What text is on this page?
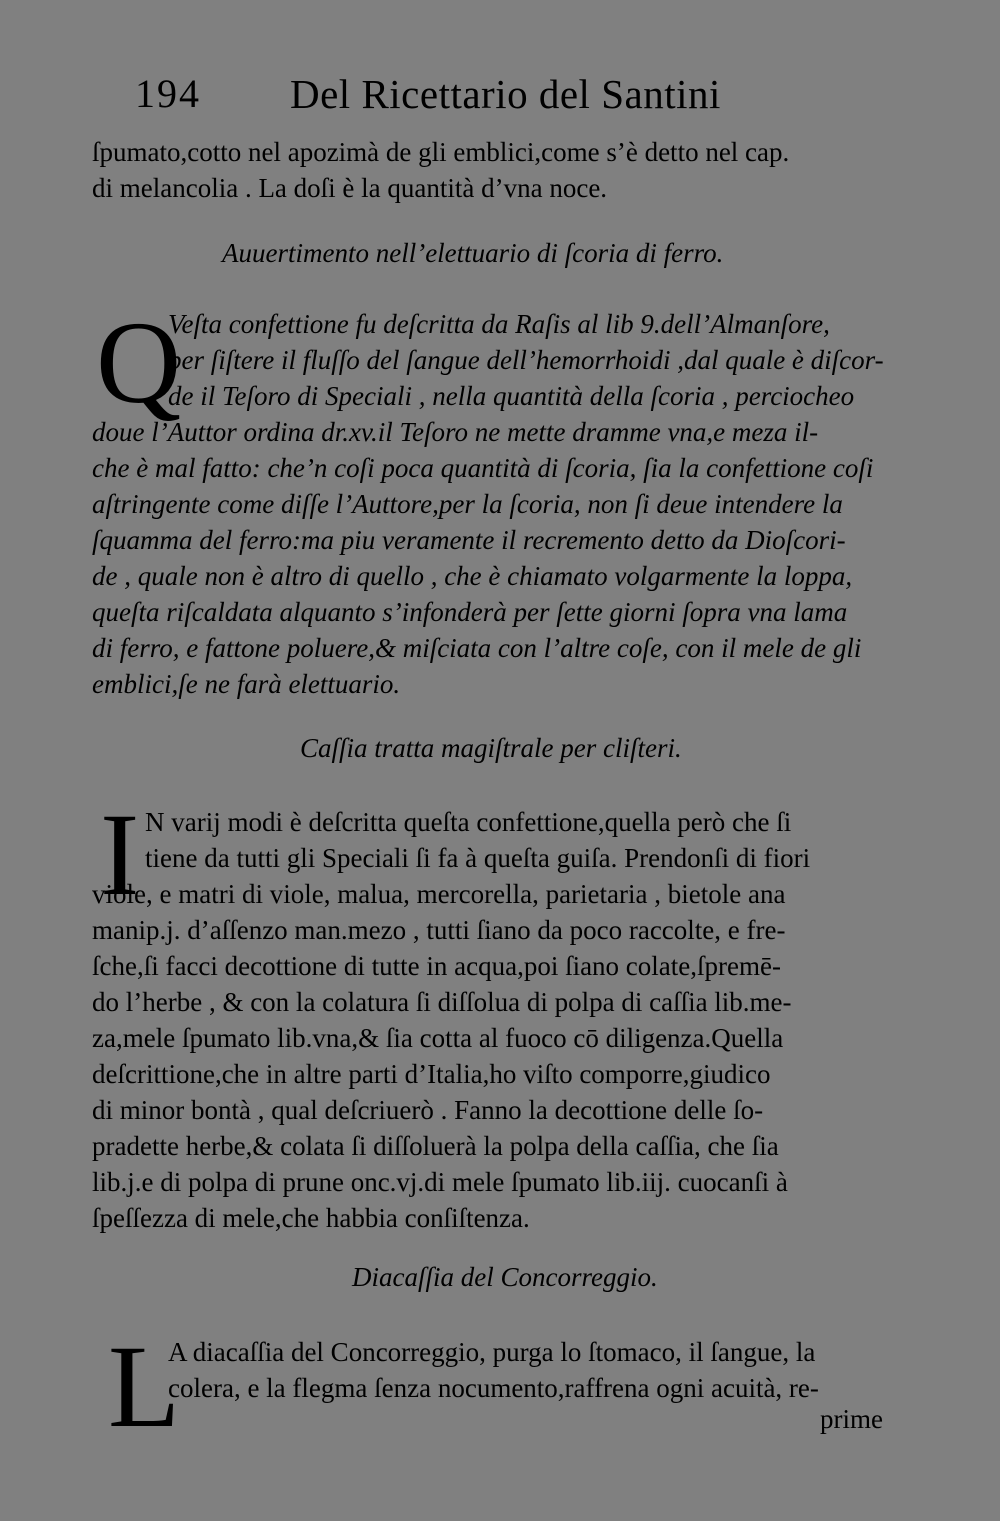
194 Del Ricettario del Santini
ſpumato,cotto nel apozimà de gli emblici,come s’è detto nel cap.
di melancolia . La doſi è la quantità d’vna noce.
Auuertimento nell’elettuario di ſcoria di ferro.
Q
Veſta confettione fu deſcritta da Raſis al lib 9.dell’Almanſore,
per ſiſtere il fluſſo del ſangue dell’hemorrhoidi ,dal quale è diſcor-
de il Teſoro di Speciali , nella quantità della ſcoria , perciocheo
doue l’Auttor ordina dr.xv.il Teſoro ne mette dramme vna,e meza il-
che è mal fatto: che’n coſi poca quantità di ſcoria, ſia la confettione coſi
aſtringente come diſſe l’Auttore,per la ſcoria, non ſi deue intendere la
ſquamma del ferro:ma piu veramente il recremento detto da Dioſcori-
de , quale non è altro di quello , che è chiamato volgarmente la loppa,
queſta riſcaldata alquanto s’infonderà per ſette giorni ſopra vna lama
di ferro, e fattone poluere,& miſciata con l’altre coſe, con il mele de gli
emblici,ſe ne farà elettuario.
Caſſia tratta magiſtrale per cliſteri.
I N varij modi è deſcritta queſta confettione,quella però che ſi
tiene da tutti gli Speciali ſi fa à queſta guiſa. Prendonſi di fiori
viole, e matri di viole, malua, mercorella, parietaria , bietole ana
manip.j. d’aſſenzo man.mezo , tutti ſiano da poco raccolte, e fre-
ſche,ſi facci decottione di tutte in acqua,poi ſiano colate,ſpremē-
do l’herbe , & con la colatura ſi diſſolua di polpa di caſſia lib.me-
za,mele ſpumato lib.vna,& ſia cotta al fuoco cō diligenza.Quella
deſcrittione,che in altre parti d’Italia,ho viſto comporre,giudico
di minor bontà , qual deſcriuerò . Fanno la decottione delle ſo-
pradette herbe,& colata ſi diſſoluerà la polpa della caſſia, che ſia
lib.j.e di polpa di prune onc.vj.di mele ſpumato lib.iij. cuocanſi à
ſpeſſezza di mele,che habbia conſiſtenza.
Diacaſſia del Concorreggio.
L
A diacaſſia del Concorreggio, purga lo ſtomaco, il ſangue, la
colera, e la flegma ſenza nocumento,raffrena ogni acuità, re-
prime
